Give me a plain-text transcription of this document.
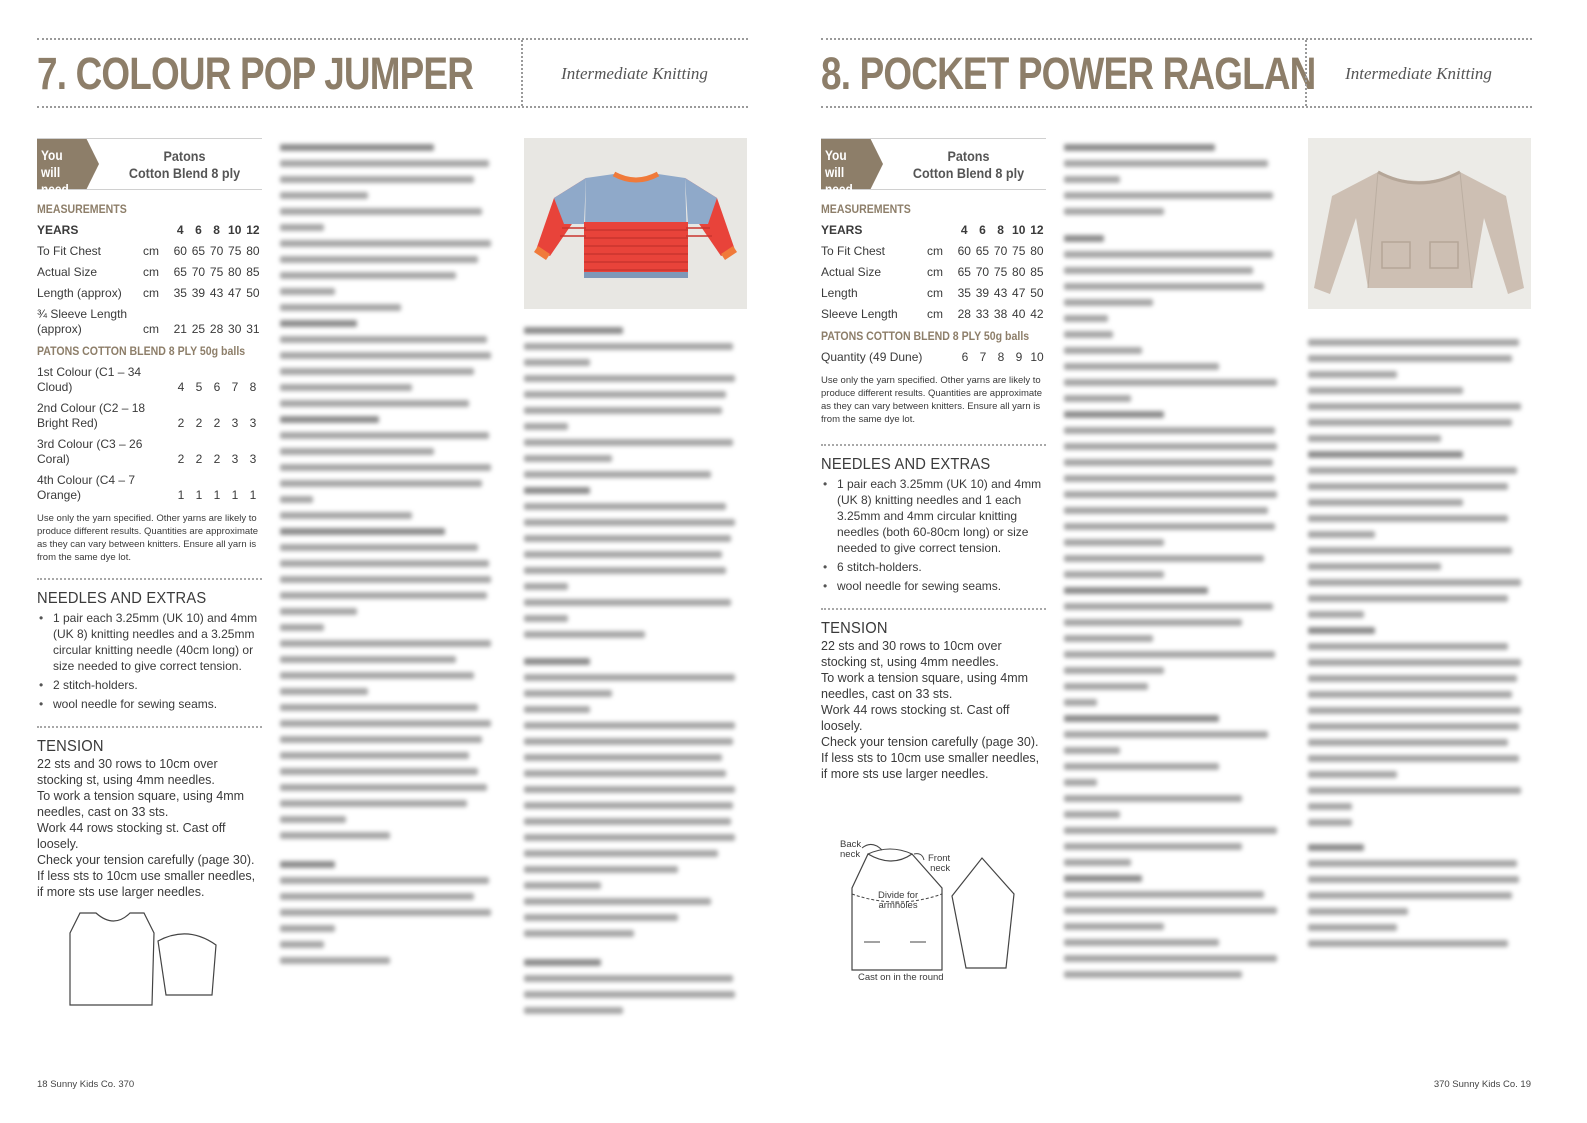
7. COLOUR POP JUMPER	Intermediate Knitting
You will need
Patons
Cotton Blend 8 ply
MEASUREMENTS
YEARS		4	6	8	10	12
To Fit Chest	cm	60	65	70	75	80
Actual Size	cm	65	70	75	80	85
Length (approx)	cm	35	39	43	47	50
¾ Sleeve Length (approx)	cm	21	25	28	30	31
PATONS COTTON BLEND 8 PLY 50g balls
1st Colour (C1 – 34 Cloud)	4	5	6	7	8
2nd Colour (C2 – 18 Bright Red)	2	2	2	3	3
3rd Colour (C3 – 26 Coral)	2	2	2	3	3
4th Colour (C4 – 7 Orange)	1	1	1	1	1
Use only the yarn specified. Other yarns are likely to produce different results. Quantities are approximate as they can vary between knitters. Ensure all yarn is from the same dye lot.
NEEDLES AND EXTRAS
• 1 pair each 3.25mm (UK 10) and 4mm (UK 8) knitting needles and a 3.25mm circular knitting needle (40cm long) or size needed to give correct tension.
• 2 stitch-holders.
• wool needle for sewing seams.
TENSION

22 sts and 30 rows to 10cm over stocking st, using 4mm needles.

To work a tension square, using 4mm needles, cast on 33 sts.

Work 44 rows stocking st. Cast off loosely.

Check your tension carefully (page 30).

If less sts to 10cm use smaller needles, if more sts use larger needles.

18 Sunny Kids Co. 370
8. POCKET POWER RAGLAN	Intermediate Knitting
You will need
Patons
Cotton Blend 8 ply
MEASUREMENTS
YEARS		4	6	8	10	12
To Fit Chest	cm	60	65	70	75	80
Actual Size	cm	65	70	75	80	85
Length	cm	35	39	43	47	50
Sleeve Length	cm	28	33	38	40	42
PATONS COTTON BLEND 8 PLY 50g balls
Quantity (49 Dune)	6	7	8	9	10
Use only the yarn specified. Other yarns are likely to produce different results. Quantities are approximate as they can vary between knitters. Ensure all yarn is from the same dye lot.
NEEDLES AND EXTRAS
• 1 pair each 3.25mm (UK 10) and 4mm (UK 8) knitting needles and 1 each 3.25mm and 4mm circular knitting needles (both 60-80cm long) or size needed to give correct tension.
• 6 stitch-holders.
• wool needle for sewing seams.
TENSION

22 sts and 30 rows to 10cm over stocking st, using 4mm needles.

To work a tension square, using 4mm needles, cast on 33 sts.

Work 44 rows stocking st. Cast off loosely.

Check your tension carefully (page 30).

If less sts to 10cm use smaller needles, if more sts use larger needles.

Back
neck	Front
neck
Divide for
armholes
Cast on in the round
370 Sunny Kids Co. 19
